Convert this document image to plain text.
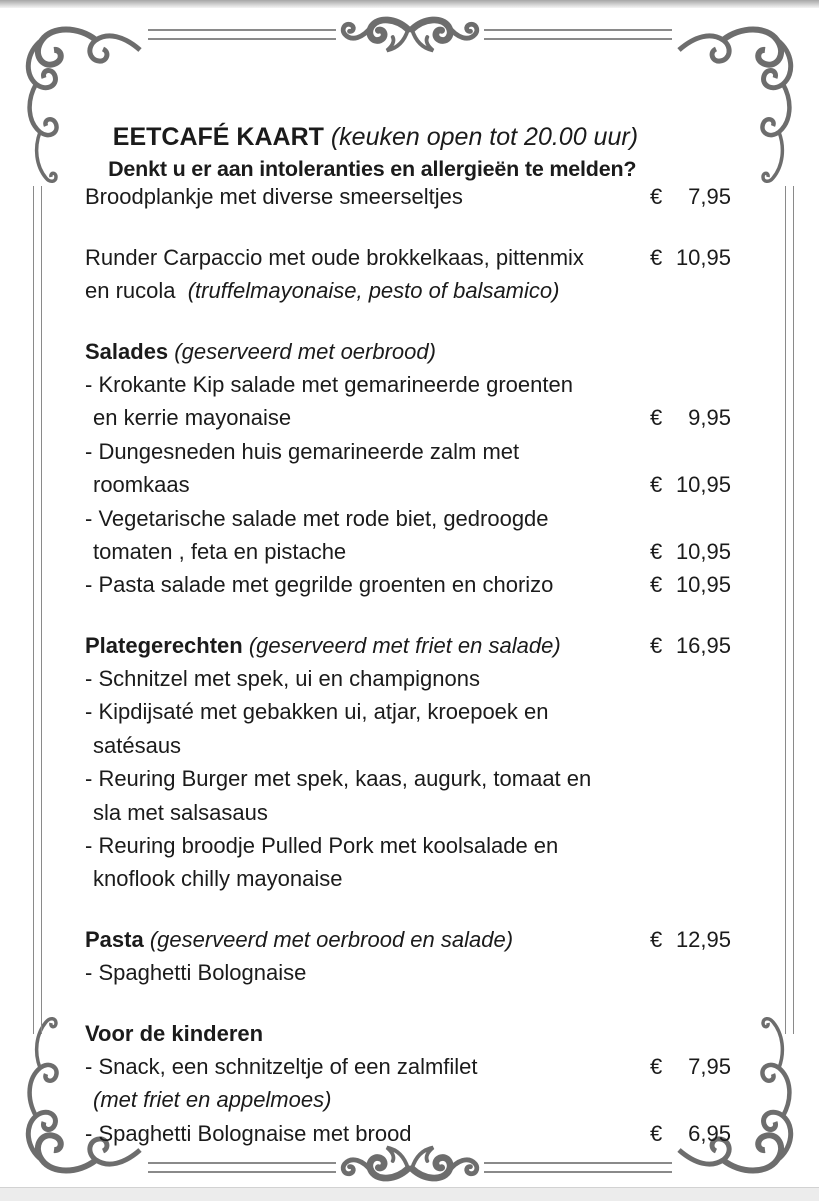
EETCAFÉ KAART (keuken open tot 20.00 uur)

Denkt u er aan intoleranties en allergieën te melden?

Broodplankje met diverse smeerseltjes	€ 7,95
Runder Carpaccio met oude brokkelkaas, pittenmix	€ 10,95
en rucola  (truffelmayonaise, pesto of balsamico)
Salades (geserveerd met oerbrood)
- Krokante Kip salade met gemarineerde groenten
en kerrie mayonaise	€ 9,95
- Dungesneden huis gemarineerde zalm met
roomkaas	€ 10,95
- Vegetarische salade met rode biet, gedroogde
tomaten , feta en pistache	€ 10,95
- Pasta salade met gegrilde groenten en chorizo	€ 10,95
Plategerechten (geserveerd met friet en salade)	€ 16,95
- Schnitzel met spek, ui en champignons
- Kipdijsaté met gebakken ui, atjar, kroepoek en
satésaus
- Reuring Burger met spek, kaas, augurk, tomaat en
sla met salsasaus
- Reuring broodje Pulled Pork met koolsalade en
knoflook chilly mayonaise
Pasta (geserveerd met oerbrood en salade)	€ 12,95
- Spaghetti Bolognaise
Voor de kinderen
- Snack, een schnitzeltje of een zalmfilet	€ 7,95
(met friet en appelmoes)
- Spaghetti Bolognaise met brood	€ 6,95
